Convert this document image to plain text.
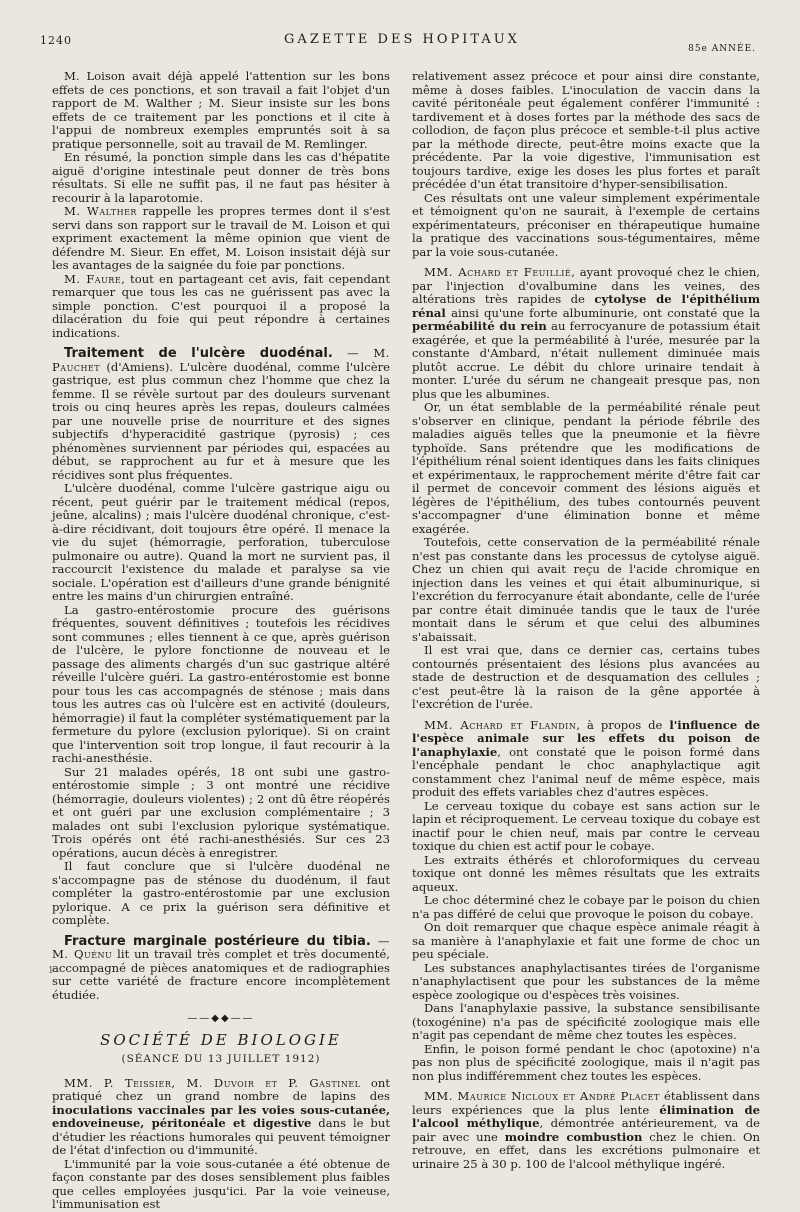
1240	GAZETTE DES HOPITAUX
85e ANNÉE.

M. Loison avait déjà appelé l'attention sur les bons effets de ces ponctions, et son travail a fait l'objet d'un rapport de M. Walther ; M. Sieur insiste sur les bons effets de ce traitement par les ponctions et il cite à l'appui de nombreux exemples empruntés soit à sa pratique personnelle, soit au travail de M. Remlinger.

En résumé, la ponction simple dans les cas d'hépatite aiguë d'origine intestinale peut donner de très bons résultats. Si elle ne suffit pas, il ne faut pas hésiter à recourir à la laparotomie.

M. Walther rappelle les propres termes dont il s'est servi dans son rapport sur le travail de M. Loison et qui expriment exactement la même opinion que vient de défendre M. Sieur. En effet, M. Loison insistait déjà sur les avantages de la saignée du foie par ponctions.

M. Faure, tout en partageant cet avis, fait cependant remarquer que tous les cas ne guérissent pas avec la simple ponction. C'est pourquoi il a proposé la dilacération du foie qui peut répondre à certaines indications.

Traitement de l'ulcère duodénal. — M. Pauchet (d'Amiens). L'ulcère duodénal, comme l'ulcère gastrique, est plus commun chez l'homme que chez la femme. Il se révèle surtout par des douleurs survenant trois ou cinq heures après les repas, douleurs calmées par une nouvelle prise de nourriture et des signes subjectifs d'hyperacidité gastrique (pyrosis) ; ces phénomènes surviennent par périodes qui, espacées au début, se rapprochent au fur et à mesure que les récidives sont plus fréquentes.

L'ulcère duodénal, comme l'ulcère gastrique aigu ou récent, peut guérir par le traitement médical (repos, jeûne, alcalins) ; mais l'ulcère duodénal chronique, c'est-à-dire récidivant, doit toujours être opéré. Il menace la vie du sujet (hémorragie, perforation, tuberculose pulmonaire ou autre). Quand la mort ne survient pas, il raccourcit l'existence du malade et paralyse sa vie sociale. L'opération est d'ailleurs d'une grande bénignité entre les mains d'un chirurgien entraîné.

La gastro-entérostomie procure des guérisons fréquentes, souvent définitives ; toutefois les récidives sont communes ; elles tiennent à ce que, après guérison de l'ulcère, le pylore fonctionne de nouveau et le passage des aliments chargés d'un suc gastrique altéré réveille l'ulcère guéri. La gastro-entérostomie est bonne pour tous les cas accompagnés de sténose ; mais dans tous les autres cas où l'ulcère est en activité (douleurs, hémorragie) il faut la compléter systématiquement par la fermeture du pylore (exclusion pylorique). Si on craint que l'intervention soit trop longue, il faut recourir à la rachi-anesthésie.

Sur 21 malades opérés, 18 ont subi une gastro-entérostomie simple ; 3 ont montré une récidive (hémorragie, douleurs violentes) ; 2 ont dû être réopérés et ont guéri par une exclusion complémentaire ; 3 malades ont subi l'exclusion pylorique systématique. Trois opérés ont été rachi-anesthésiés. Sur ces 23 opérations, aucun décès à enregistrer.

Il faut conclure que si l'ulcère duodénal ne s'accompagne pas de sténose du duodénum, il faut compléter la gastro-entérostomie par une exclusion pylorique. A ce prix la guérison sera définitive et complète.

Fracture marginale postérieure du tibia. — M. Quénu lit un travail très complet et très documenté, accompagné de pièces anatomiques et de radiographies sur cette variété de fracture encore incomplètement étudiée.

——◆◆——
SOCIÉTÉ DE BIOLOGIE
(SÉANCE DU 13 JUILLET 1912)

MM. P. Teissier, M. Duvoir et P. Gastinel ont pratiqué chez un grand nombre de lapins des inoculations vaccinales par les voies sous-cutanée, endoveineuse, péritonéale et digestive dans le but d'étudier les réactions humorales qui peuvent témoigner de l'état d'infection ou d'immunité.

L'immunité par la voie sous-cutanée a été obtenue de façon constante par des doses sensiblement plus faibles que celles employées jusqu'ici. Par la voie veineuse, l'immunisation est

relativement assez précoce et pour ainsi dire constante, même à doses faibles. L'inoculation de vaccin dans la cavité péritonéale peut également conférer l'immunité : tardivement et à doses fortes par la méthode des sacs de collodion, de façon plus précoce et semble-t-il plus active par la méthode directe, peut-être moins exacte que la précédente. Par la voie digestive, l'immunisation est toujours tardive, exige les doses les plus fortes et paraît précédée d'un état transitoire d'hyper-sensibilisation.

Ces résultats ont une valeur simplement expérimentale et témoignent qu'on ne saurait, à l'exemple de certains expérimentateurs, préconiser en thérapeutique humaine la pratique des vaccinations sous-tégumentaires, même par la voie sous-cutanée.

MM. Achard et Feuillié, ayant provoqué chez le chien, par l'injection d'ovalbumine dans les veines, des altérations très rapides de cytolyse de l'épithélium rénal ainsi qu'une forte albuminurie, ont constaté que la perméabilité du rein au ferrocyanure de potassium était exagérée, et que la perméabilité à l'urée, mesurée par la constante d'Ambard, n'était nullement diminuée mais plutôt accrue. Le débit du chlore urinaire tendait à monter. L'urée du sérum ne changeait presque pas, non plus que les albumines.

Or, un état semblable de la perméabilité rénale peut s'observer en clinique, pendant la période fébrile des maladies aiguës telles que la pneumonie et la fièvre typhoïde. Sans prétendre que les modifications de l'épithélium rénal soient identiques dans les faits cliniques et expérimentaux, le rapprochement mérite d'être fait car il permet de concevoir comment des lésions aiguës et légères de l'épithélium, des tubes contournés peuvent s'accompagner d'une élimination bonne et même exagérée.

Toutefois, cette conservation de la perméabilité rénale n'est pas constante dans les processus de cytolyse aiguë. Chez un chien qui avait reçu de l'acide chromique en injection dans les veines et qui était albuminurique, si l'excrétion du ferrocyanure était abondante, celle de l'urée par contre était diminuée tandis que le taux de l'urée montait dans le sérum et que celui des albumines s'abaissait.

Il est vrai que, dans ce dernier cas, certains tubes contournés présentaient des lésions plus avancées au stade de destruction et de desquamation des cellules ; c'est peut-être là la raison de la gêne apportée à l'excrétion de l'urée.

MM. Achard et Flandin, à propos de l'influence de l'espèce animale sur les effets du poison de l'anaphylaxie, ont constaté que le poison formé dans l'encéphale pendant le choc anaphylactique agit constamment chez l'animal neuf de même espèce, mais produit des effets variables chez d'autres espèces.

Le cerveau toxique du cobaye est sans action sur le lapin et réciproquement. Le cerveau toxique du cobaye est inactif pour le chien neuf, mais par contre le cerveau toxique du chien est actif pour le cobaye.

Les extraits éthérés et chloroformiques du cerveau toxique ont donné les mêmes résultats que les extraits aqueux.

Le choc déterminé chez le cobaye par le poison du chien n'a pas différé de celui que provoque le poison du cobaye.

On doit remarquer que chaque espèce animale réagit à sa manière à l'anaphylaxie et fait une forme de choc un peu spéciale.

Les substances anaphylactisantes tirées de l'organisme n'anaphylactisent que pour les substances de la même espèce zoologique ou d'espèces très voisines.

Dans l'anaphylaxie passive, la substance sensibilisante (toxogénine) n'a pas de spécificité zoologique mais elle n'agit pas cependant de même chez toutes les espèces.

Enfin, le poison formé pendant le choc (apotoxine) n'a pas non plus de spécificité zoologique, mais il n'agit pas non plus indifféremment chez toutes les espèces.

MM. Maurice Nicloux et André Placet établissent dans leurs expériences que la plus lente élimination de l'alcool méthylique, démontrée antérieurement, va de pair avec une moindre combustion chez le chien. On retrouve, en effet, dans les excrétions pulmonaire et urinaire 25 à 30 p. 100 de l'alcool méthylique ingéré.

1
